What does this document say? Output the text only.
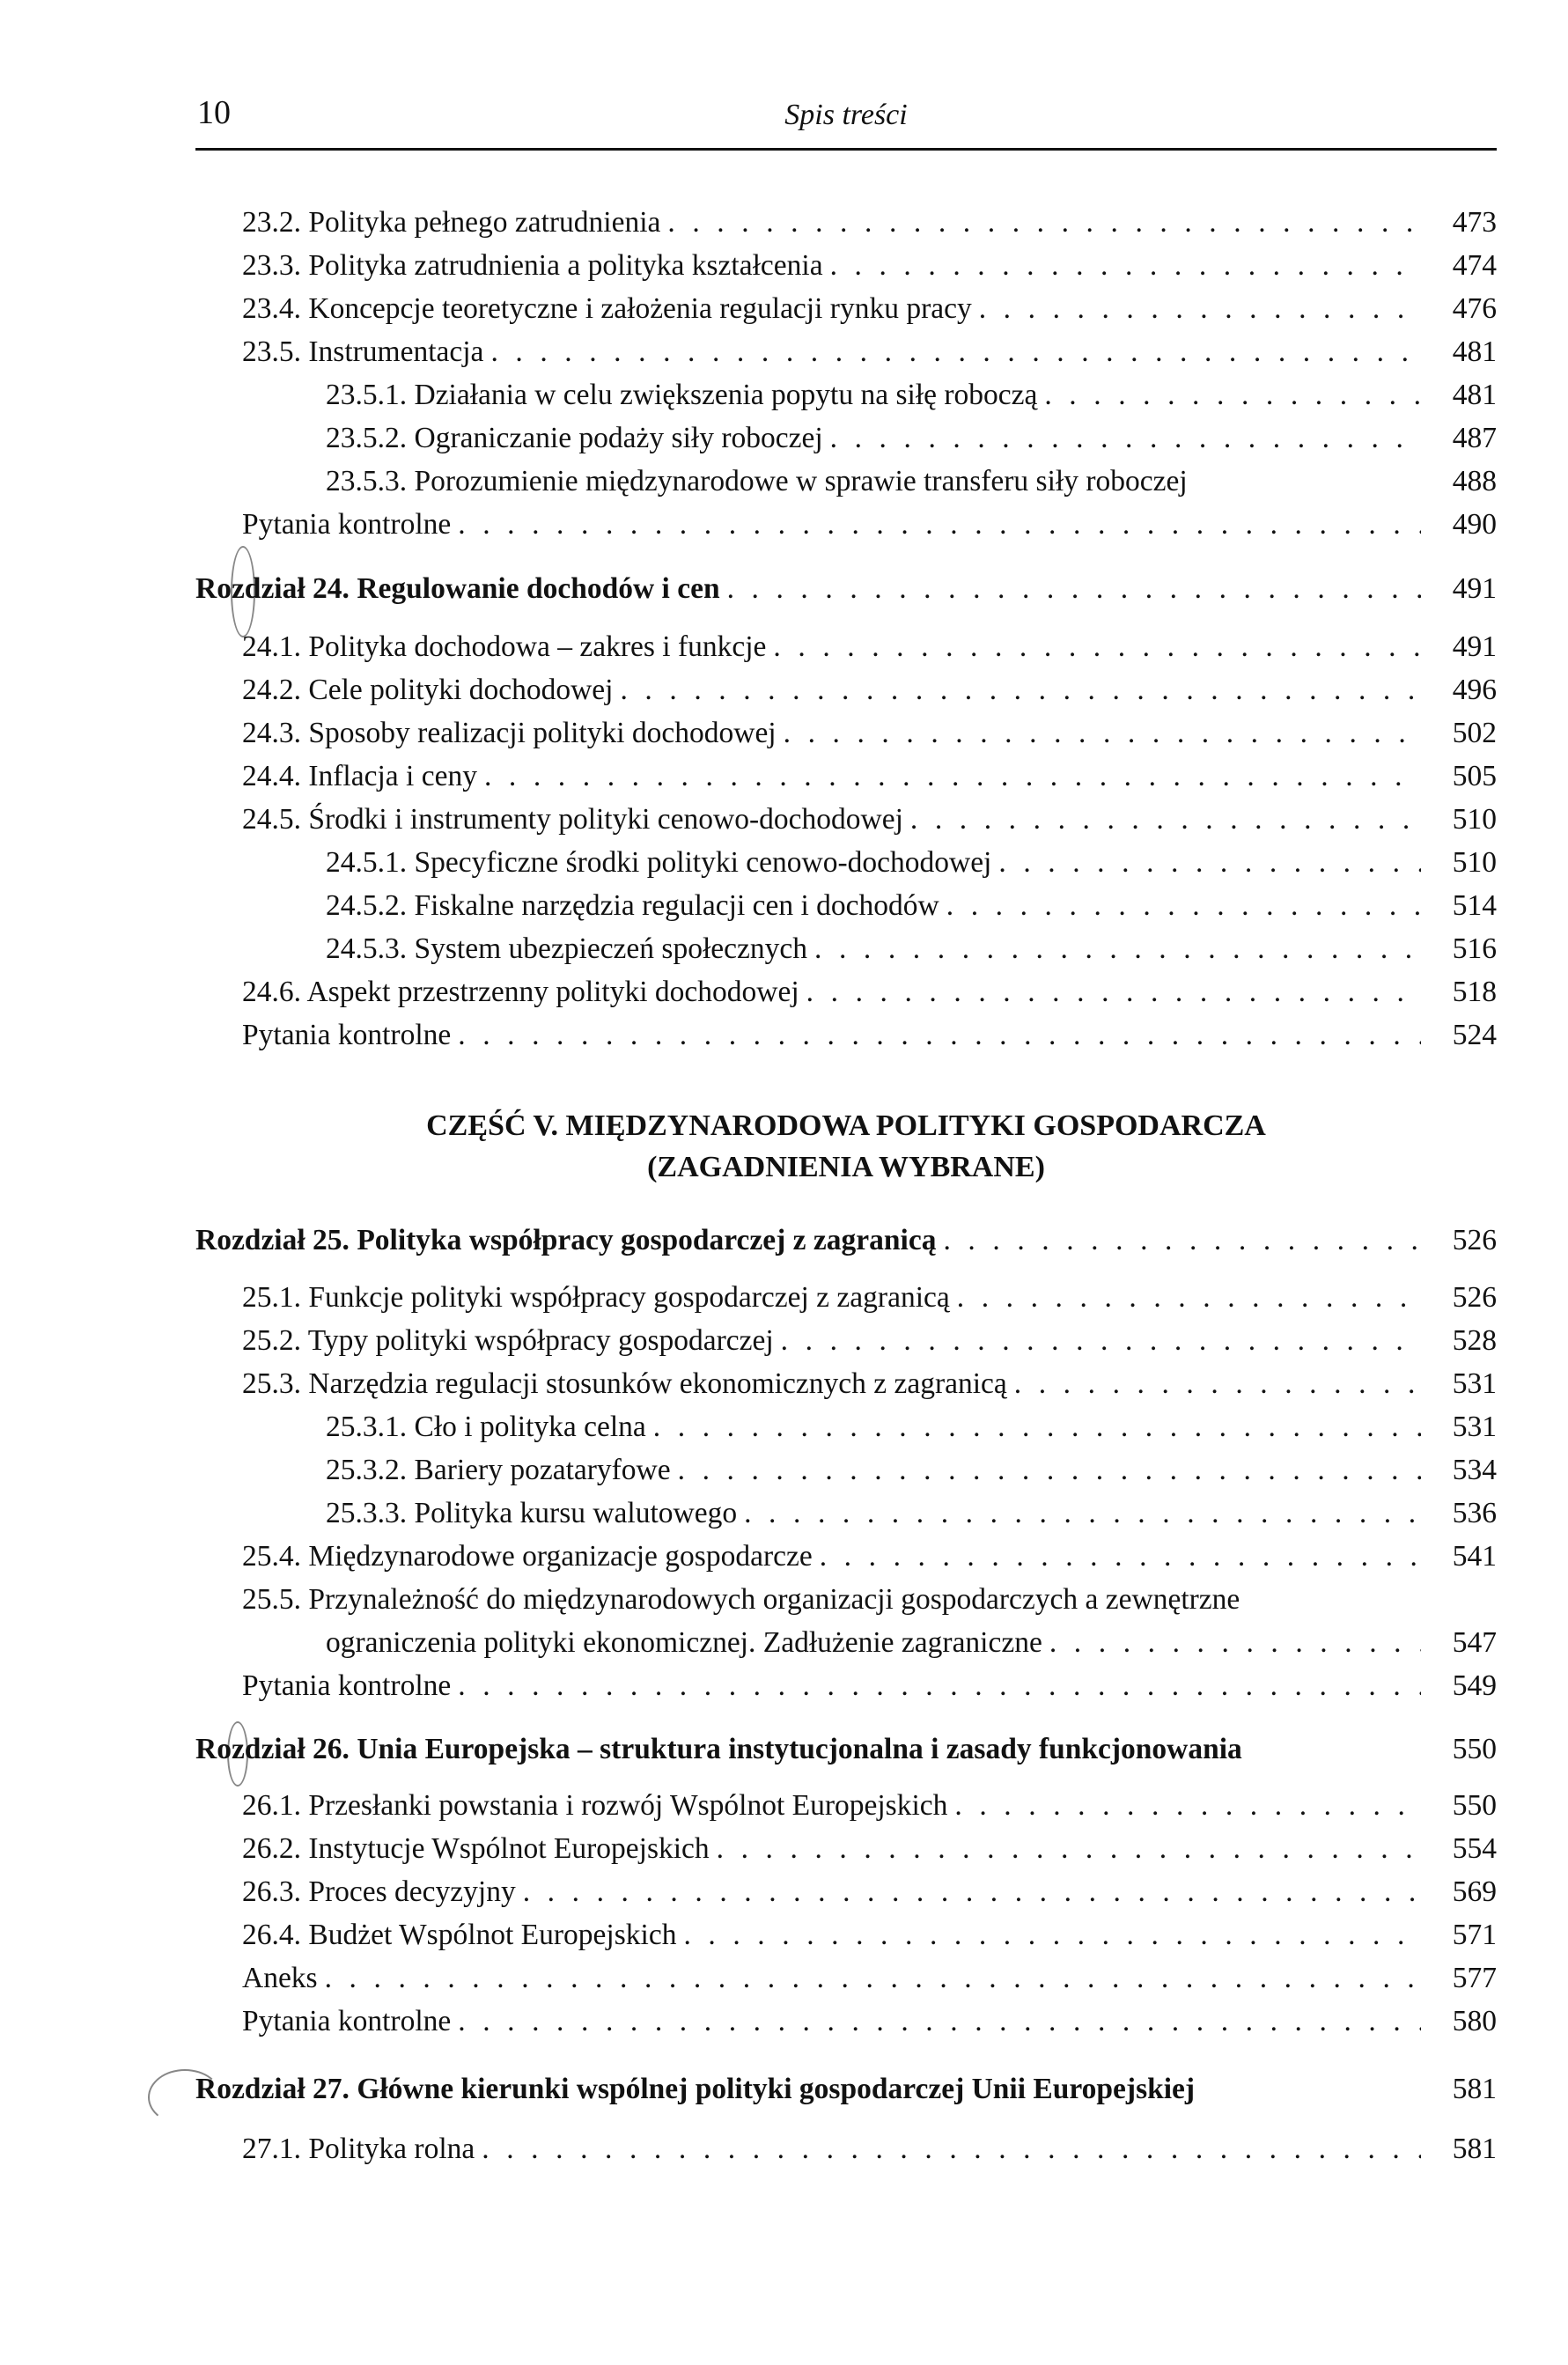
10	Spis treści
23.2. Polityka pełnego zatrudnienia . . .	473
23.3. Polityka zatrudnienia a polityka kształcenia . . .	474
23.4. Koncepcje teoretyczne i założenia regulacji rynku pracy . . .	476
23.5. Instrumentacja . . .	481
23.5.1. Działania w celu zwiększenia popytu na siłę roboczą . . .	481
23.5.2. Ograniczanie podaży siły roboczej . . .	487
23.5.3. Porozumienie międzynarodowe w sprawie transferu siły roboczej	488
Pytania kontrolne . . .	490
Rozdział 24. Regulowanie dochodów i cen . . .	491
24.1. Polityka dochodowa – zakres i funkcje . . .	491
24.2. Cele polityki dochodowej . . .	496
24.3. Sposoby realizacji polityki dochodowej . . .	502
24.4. Inflacja i ceny . . .	505
24.5. Środki i instrumenty polityki cenowo-dochodowej . . .	510
24.5.1. Specyficzne środki polityki cenowo-dochodowej . . .	510
24.5.2. Fiskalne narzędzia regulacji cen i dochodów . . .	514
24.5.3. System ubezpieczeń społecznych . . .	516
24.6. Aspekt przestrzenny polityki dochodowej . . .	518
Pytania kontrolne . . .	524
CZĘŚĆ V. MIĘDZYNARODOWA POLITYKI GOSPODARCZA
(ZAGADNIENIA WYBRANE)
Rozdział 25. Polityka współpracy gospodarczej z zagranicą . . .	526
25.1. Funkcje polityki współpracy gospodarczej z zagranicą . . .	526
25.2. Typy polityki współpracy gospodarczej . . .	528
25.3. Narzędzia regulacji stosunków ekonomicznych z zagranicą . . .	531
25.3.1. Cło i polityka celna . . .	531
25.3.2. Bariery pozataryfowe . . .	534
25.3.3. Polityka kursu walutowego . . .	536
25.4. Międzynarodowe organizacje gospodarcze . . .	541
25.5. Przynależność do międzynarodowych organizacji gospodarczych a zewnętrzne
ograniczenia polityki ekonomicznej. Zadłużenie zagraniczne . . .	547
Pytania kontrolne . . .	549
Rozdział 26. Unia Europejska – struktura instytucjonalna i zasady funkcjonowania	550
26.1. Przesłanki powstania i rozwój Wspólnot Europejskich . . .	550
26.2. Instytucje Wspólnot Europejskich . . .	554
26.3. Proces decyzyjny . . .	569
26.4. Budżet Wspólnot Europejskich . . .	571
Aneks . . .	577
Pytania kontrolne . . .	580
Rozdział 27. Główne kierunki wspólnej polityki gospodarczej Unii Europejskiej	581
27.1. Polityka rolna . . .	581
